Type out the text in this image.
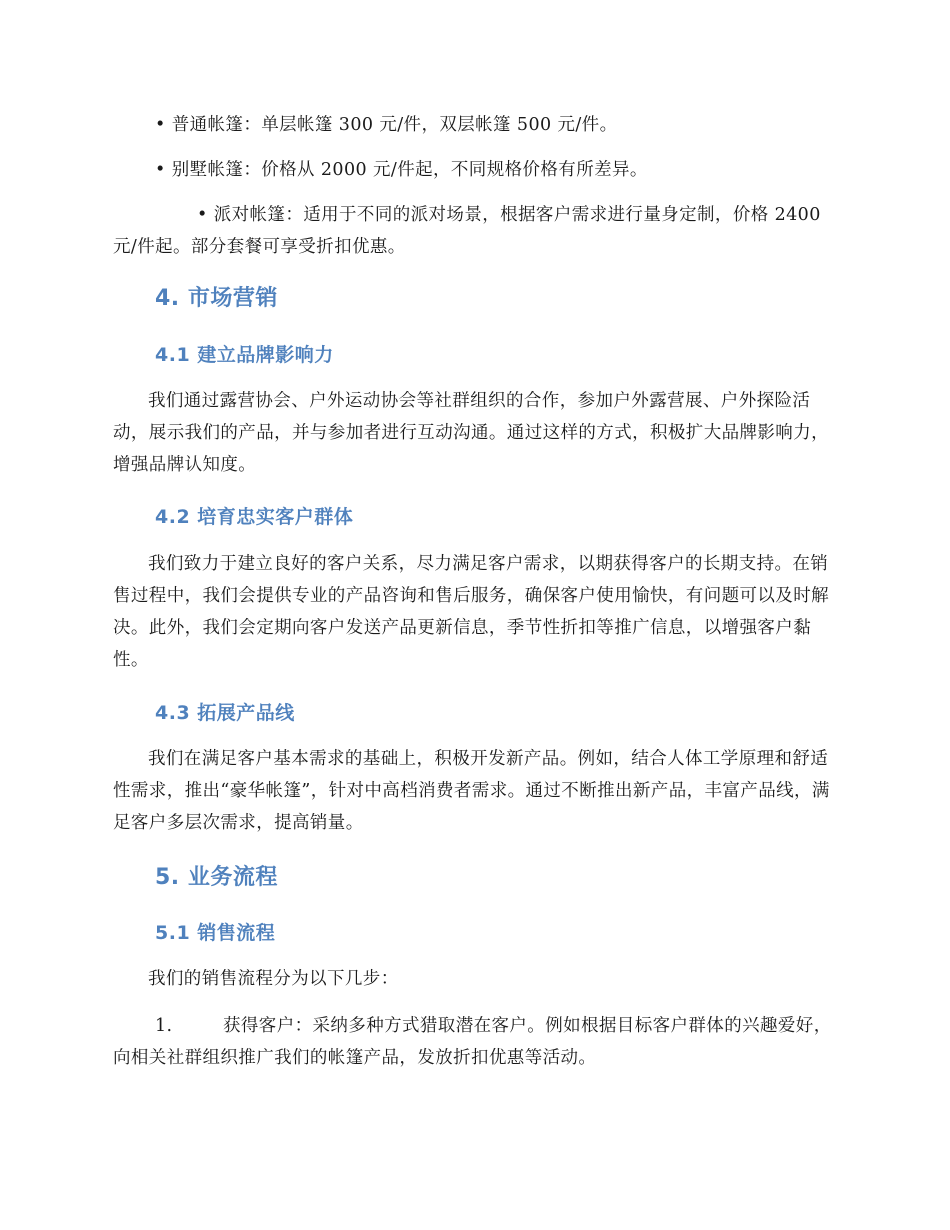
• 普通帐篷：单层帐篷 300 元/件，双层帐篷 500 元/件。

• 别墅帐篷：价格从 2000 元/件起，不同规格价格有所差异。

• 派对帐篷：适用于不同的派对场景，根据客户需求进行量身定制，价格 2400 元/件起。部分套餐可享受折扣优惠。

4. 市场营销
4.1 建立品牌影响力

我们通过露营协会、户外运动协会等社群组织的合作，参加户外露营展、户外探险活动，展示我们的产品，并与参加者进行互动沟通。通过这样的方式，积极扩大品牌影响力，增强品牌认知度。

4.2 培育忠实客户群体

我们致力于建立良好的客户关系，尽力满足客户需求，以期获得客户的长期支持。在销售过程中，我们会提供专业的产品咨询和售后服务，确保客户使用愉快，有问题可以及时解决。此外，我们会定期向客户发送产品更新信息，季节性折扣等推广信息，以增强客户黏性。

4.3 拓展产品线

我们在满足客户基本需求的基础上，积极开发新产品。例如，结合人体工学原理和舒适性需求，推出“豪华帐篷”，针对中高档消费者需求。通过不断推出新产品，丰富产品线，满足客户多层次需求，提高销量。

5. 业务流程
5.1 销售流程

我们的销售流程分为以下几步：

1.	获得客户：采纳多种方式猎取潜在客户。例如根据目标客户群体的兴趣爱好，向相关社群组织推广我们的帐篷产品，发放折扣优惠等活动。
